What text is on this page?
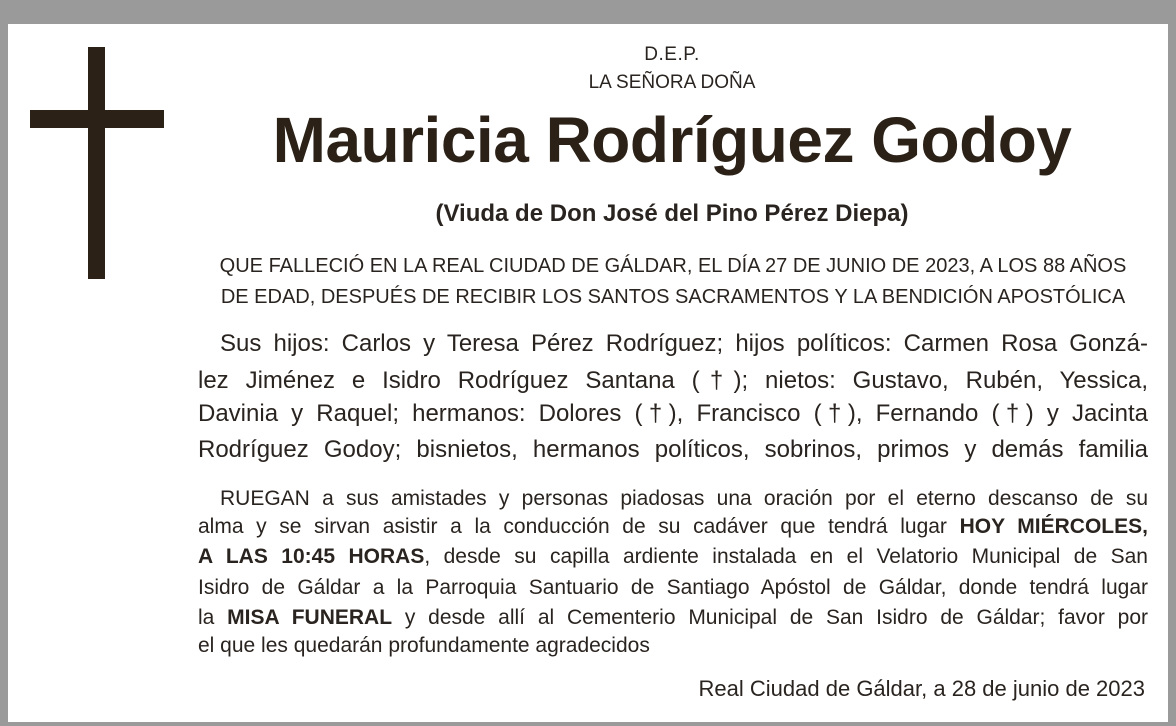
D.E.P.
LA SEÑORA DOÑA
Mauricia Rodríguez Godoy
(Viuda de Don José del Pino Pérez Diepa)
QUE FALLECIÓ EN LA REAL CIUDAD DE GÁLDAR, EL DÍA 27 DE JUNIO DE 2023, A LOS 88 AÑOS
DE EDAD, DESPUÉS DE RECIBIR LOS SANTOS SACRAMENTOS Y LA BENDICIÓN APOSTÓLICA
Sus hijos: Carlos y Teresa Pérez Rodríguez; hijos políticos: Carmen Rosa Gonzá-
lez Jiménez e Isidro Rodríguez Santana (†); nietos: Gustavo, Rubén, Yessica,
Davinia y Raquel; hermanos: Dolores (†), Francisco (†), Fernando (†) y Jacinta
Rodríguez Godoy; bisnietos, hermanos políticos, sobrinos, primos y demás familia
RUEGAN a sus amistades y personas piadosas una oración por el eterno descanso de su
alma y se sirvan asistir a la conducción de su cadáver que tendrá lugar HOY MIÉRCOLES,
A LAS 10:45 HORAS, desde su capilla ardiente instalada en el Velatorio Municipal de San
Isidro de Gáldar a la Parroquia Santuario de Santiago Apóstol de Gáldar, donde tendrá lugar
la MISA FUNERAL y desde allí al Cementerio Municipal de San Isidro de Gáldar; favor por
el que les quedarán profundamente agradecidos
Real Ciudad de Gáldar, a 28 de junio de 2023
